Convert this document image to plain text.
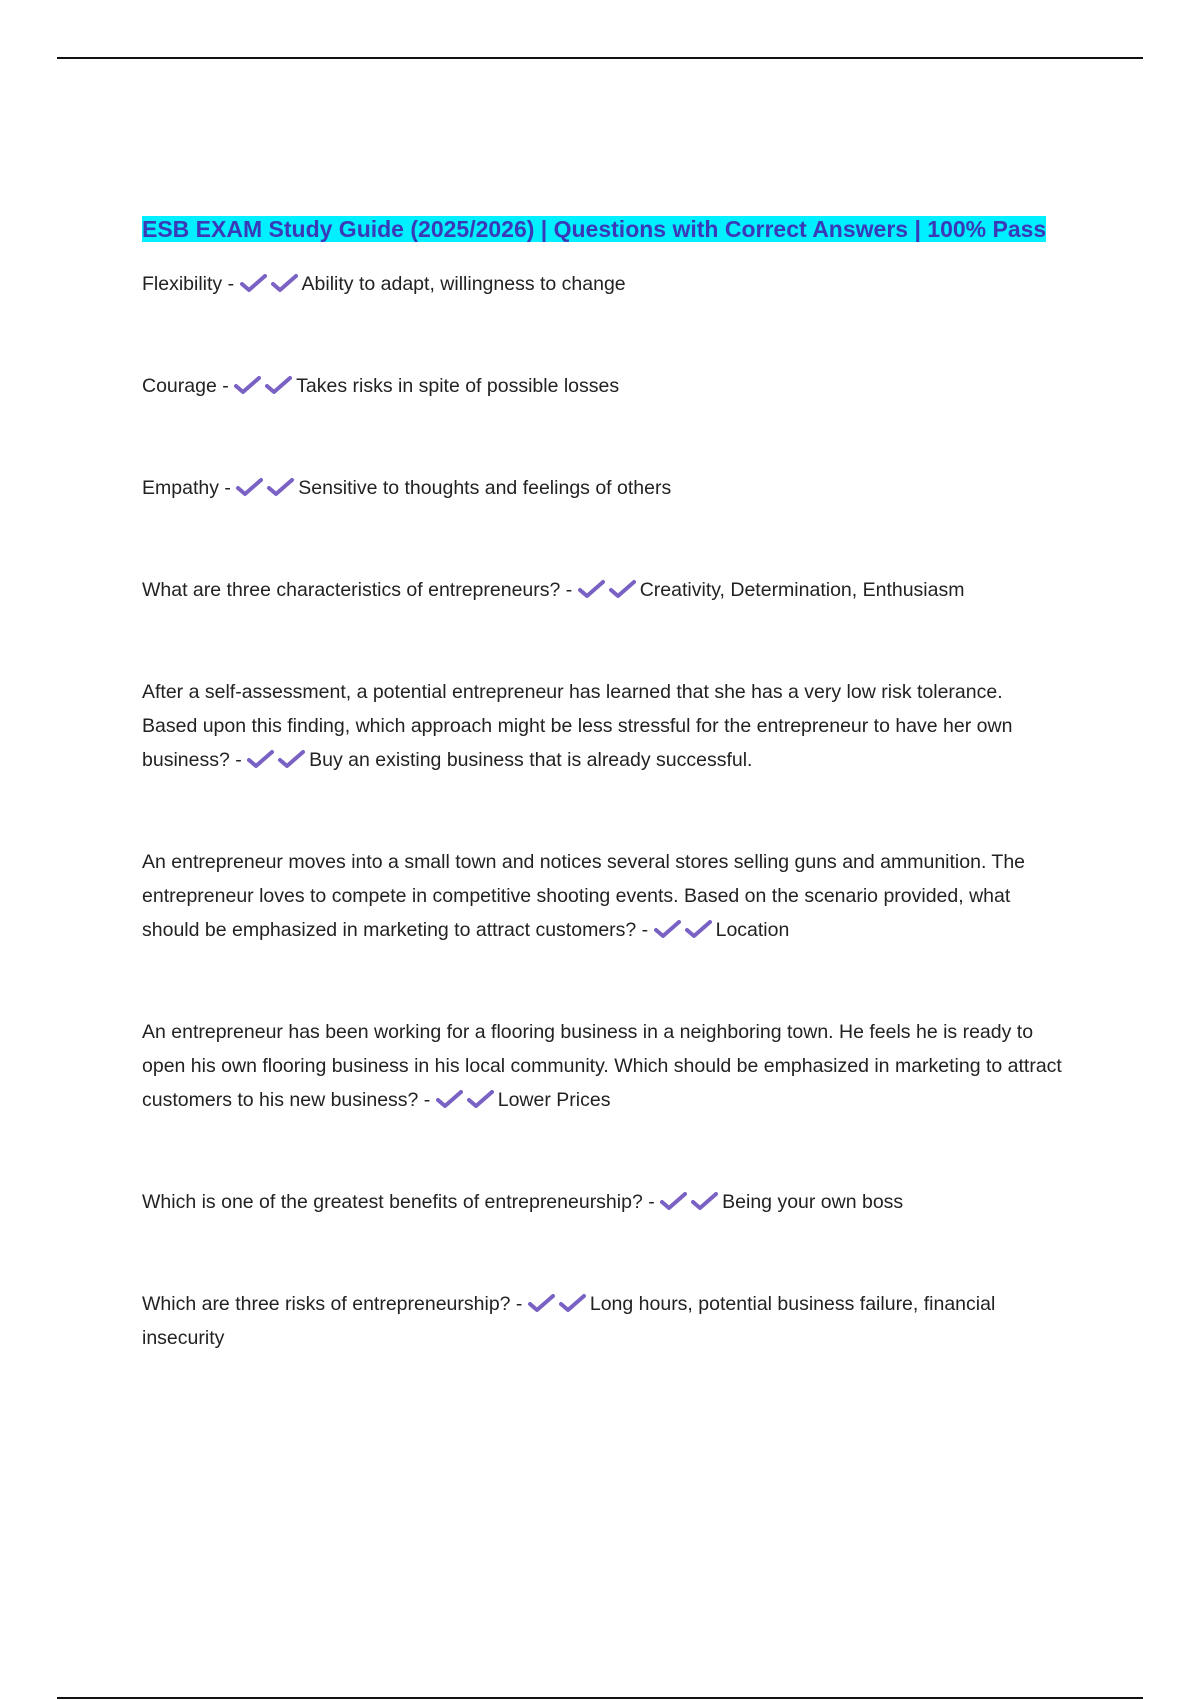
ESB EXAM Study Guide (2025/2026) | Questions with Correct Answers | 100% Pass
Flexibility -	Ability to adapt, willingness to change
Courage -	Takes risks in spite of possible losses
Empathy -	Sensitive to thoughts and feelings of others
What are three characteristics of entrepreneurs? -	Creativity, Determination, Enthusiasm
After a self-assessment, a potential entrepreneur has learned that she has a very low risk tolerance. Based upon this finding, which approach might be less stressful for the entrepreneur to have her own business? -	Buy an existing business that is already successful.
An entrepreneur moves into a small town and notices several stores selling guns and ammunition. The entrepreneur loves to compete in competitive shooting events. Based on the scenario provided, what should be emphasized in marketing to attract customers? -	Location
An entrepreneur has been working for a flooring business in a neighboring town. He feels he is ready to open his own flooring business in his local community. Which should be emphasized in marketing to attract customers to his new business? -	Lower Prices
Which is one of the greatest benefits of entrepreneurship? -	Being your own boss
Which are three risks of entrepreneurship? -	Long hours, potential business failure, financial insecurity
